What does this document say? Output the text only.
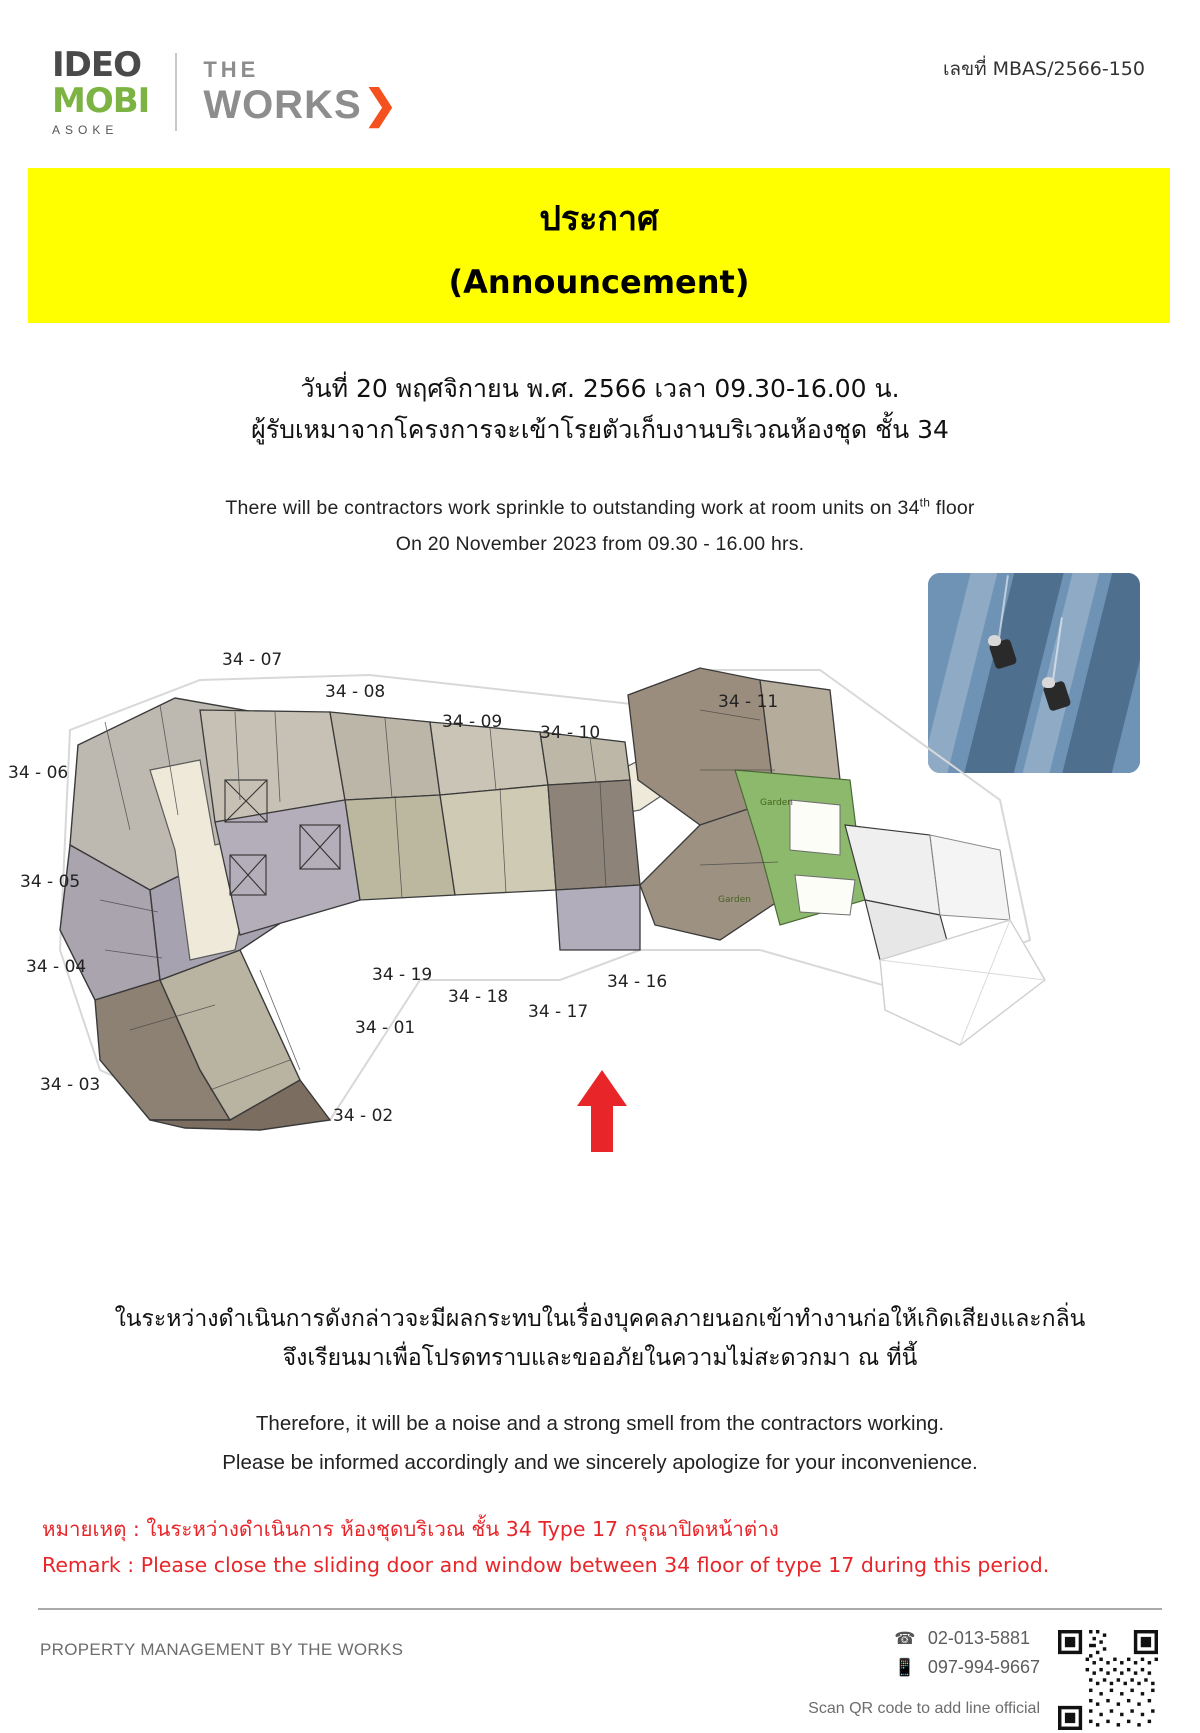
IDEO
MOBI
ASOKE
THE
WORKS ❯
เลขที่ MBAS/2566-150
ประกาศ
(Announcement)
วันที่ 20 พฤศจิกายน พ.ศ. 2566 เวลา 09.30-16.00 น.
ผู้รับเหมาจากโครงการจะเข้าโรยตัวเก็บงานบริเวณห้องชุด ชั้น 34
There will be contractors work sprinkle to outstanding work at room units on 34th floor
On 20 November 2023 from 09.30 - 16.00 hrs.
34 - 07
34 - 08
34 - 09
34 - 10
34 - 11
34 - 06
34 - 05
34 - 04
34 - 03
34 - 02
34 - 01
34 - 19
34 - 18
34 - 17
34 - 16
Garden
Garden
ในระหว่างดำเนินการดังกล่าวจะมีผลกระทบในเรื่องบุคคลภายนอกเข้าทำงานก่อให้เกิดเสียงและกลิ่น
จึงเรียนมาเพื่อโปรดทราบและขออภัยในความไม่สะดวกมา ณ ที่นี้
Therefore, it will be a noise and a strong smell from the contractors working.
Please be informed accordingly and we sincerely apologize for your inconvenience.
หมายเหตุ : ในระหว่างดำเนินการ ห้องชุดบริเวณ ชั้น 34 Type 17 กรุณาปิดหน้าต่าง
Remark : Please close the sliding door and window between 34 floor of type 17 during this period.
PROPERTY MANAGEMENT BY THE WORKS
☎ 02-013-5881
📱 097-994-9667
Scan QR code to add line official
